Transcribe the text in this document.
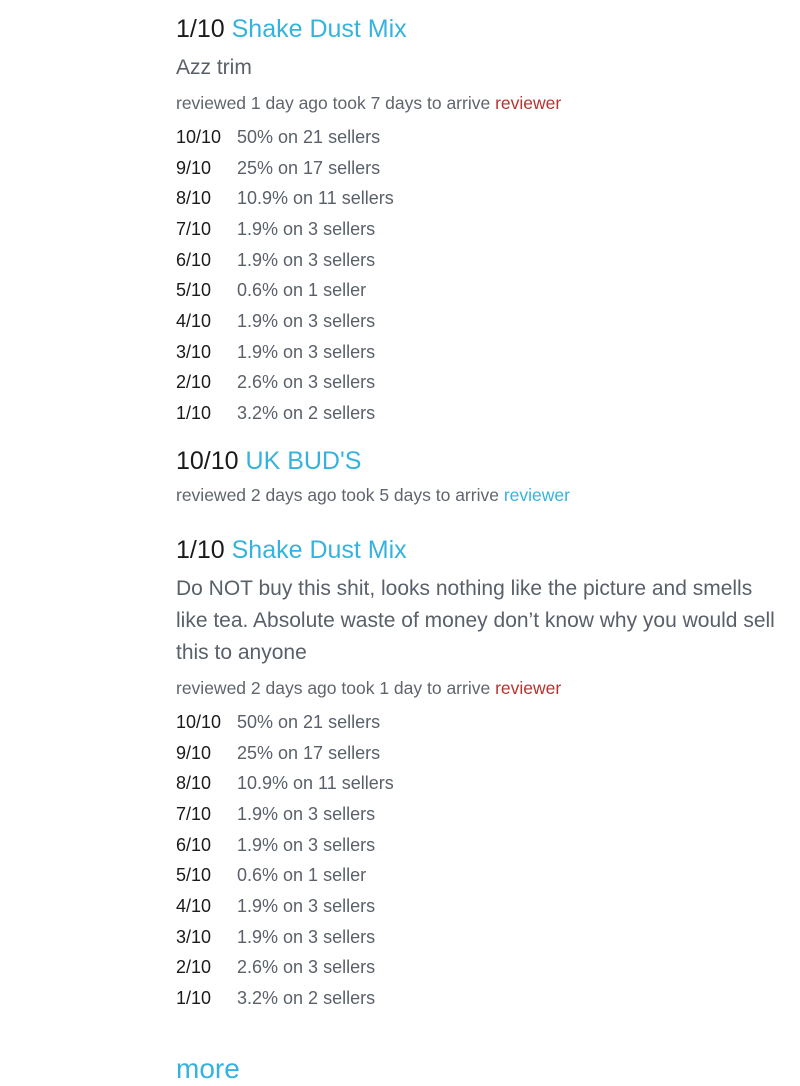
1/10 Shake Dust Mix
Azz trim
reviewed 1 day ago took 7 days to arrive reviewer
10/10 50% on 21 sellers
9/10	25% on 17 sellers
8/10	10.9% on 11 sellers
7/10	1.9% on 3 sellers
6/10	1.9% on 3 sellers
5/10	0.6% on 1 seller
4/10	1.9% on 3 sellers
3/10	1.9% on 3 sellers
2/10	2.6% on 3 sellers
1/10	3.2% on 2 sellers
10/10 UK BUD'S
reviewed 2 days ago took 5 days to arrive reviewer
1/10 Shake Dust Mix
Do NOT buy this shit, looks nothing like the picture and smells like tea. Absolute waste of money don’t know why you would sell this to anyone
reviewed 2 days ago took 1 day to arrive reviewer
10/10 50% on 21 sellers
9/10	25% on 17 sellers
8/10	10.9% on 11 sellers
7/10	1.9% on 3 sellers
6/10	1.9% on 3 sellers
5/10	0.6% on 1 seller
4/10	1.9% on 3 sellers
3/10	1.9% on 3 sellers
2/10	2.6% on 3 sellers
1/10	3.2% on 2 sellers
more
